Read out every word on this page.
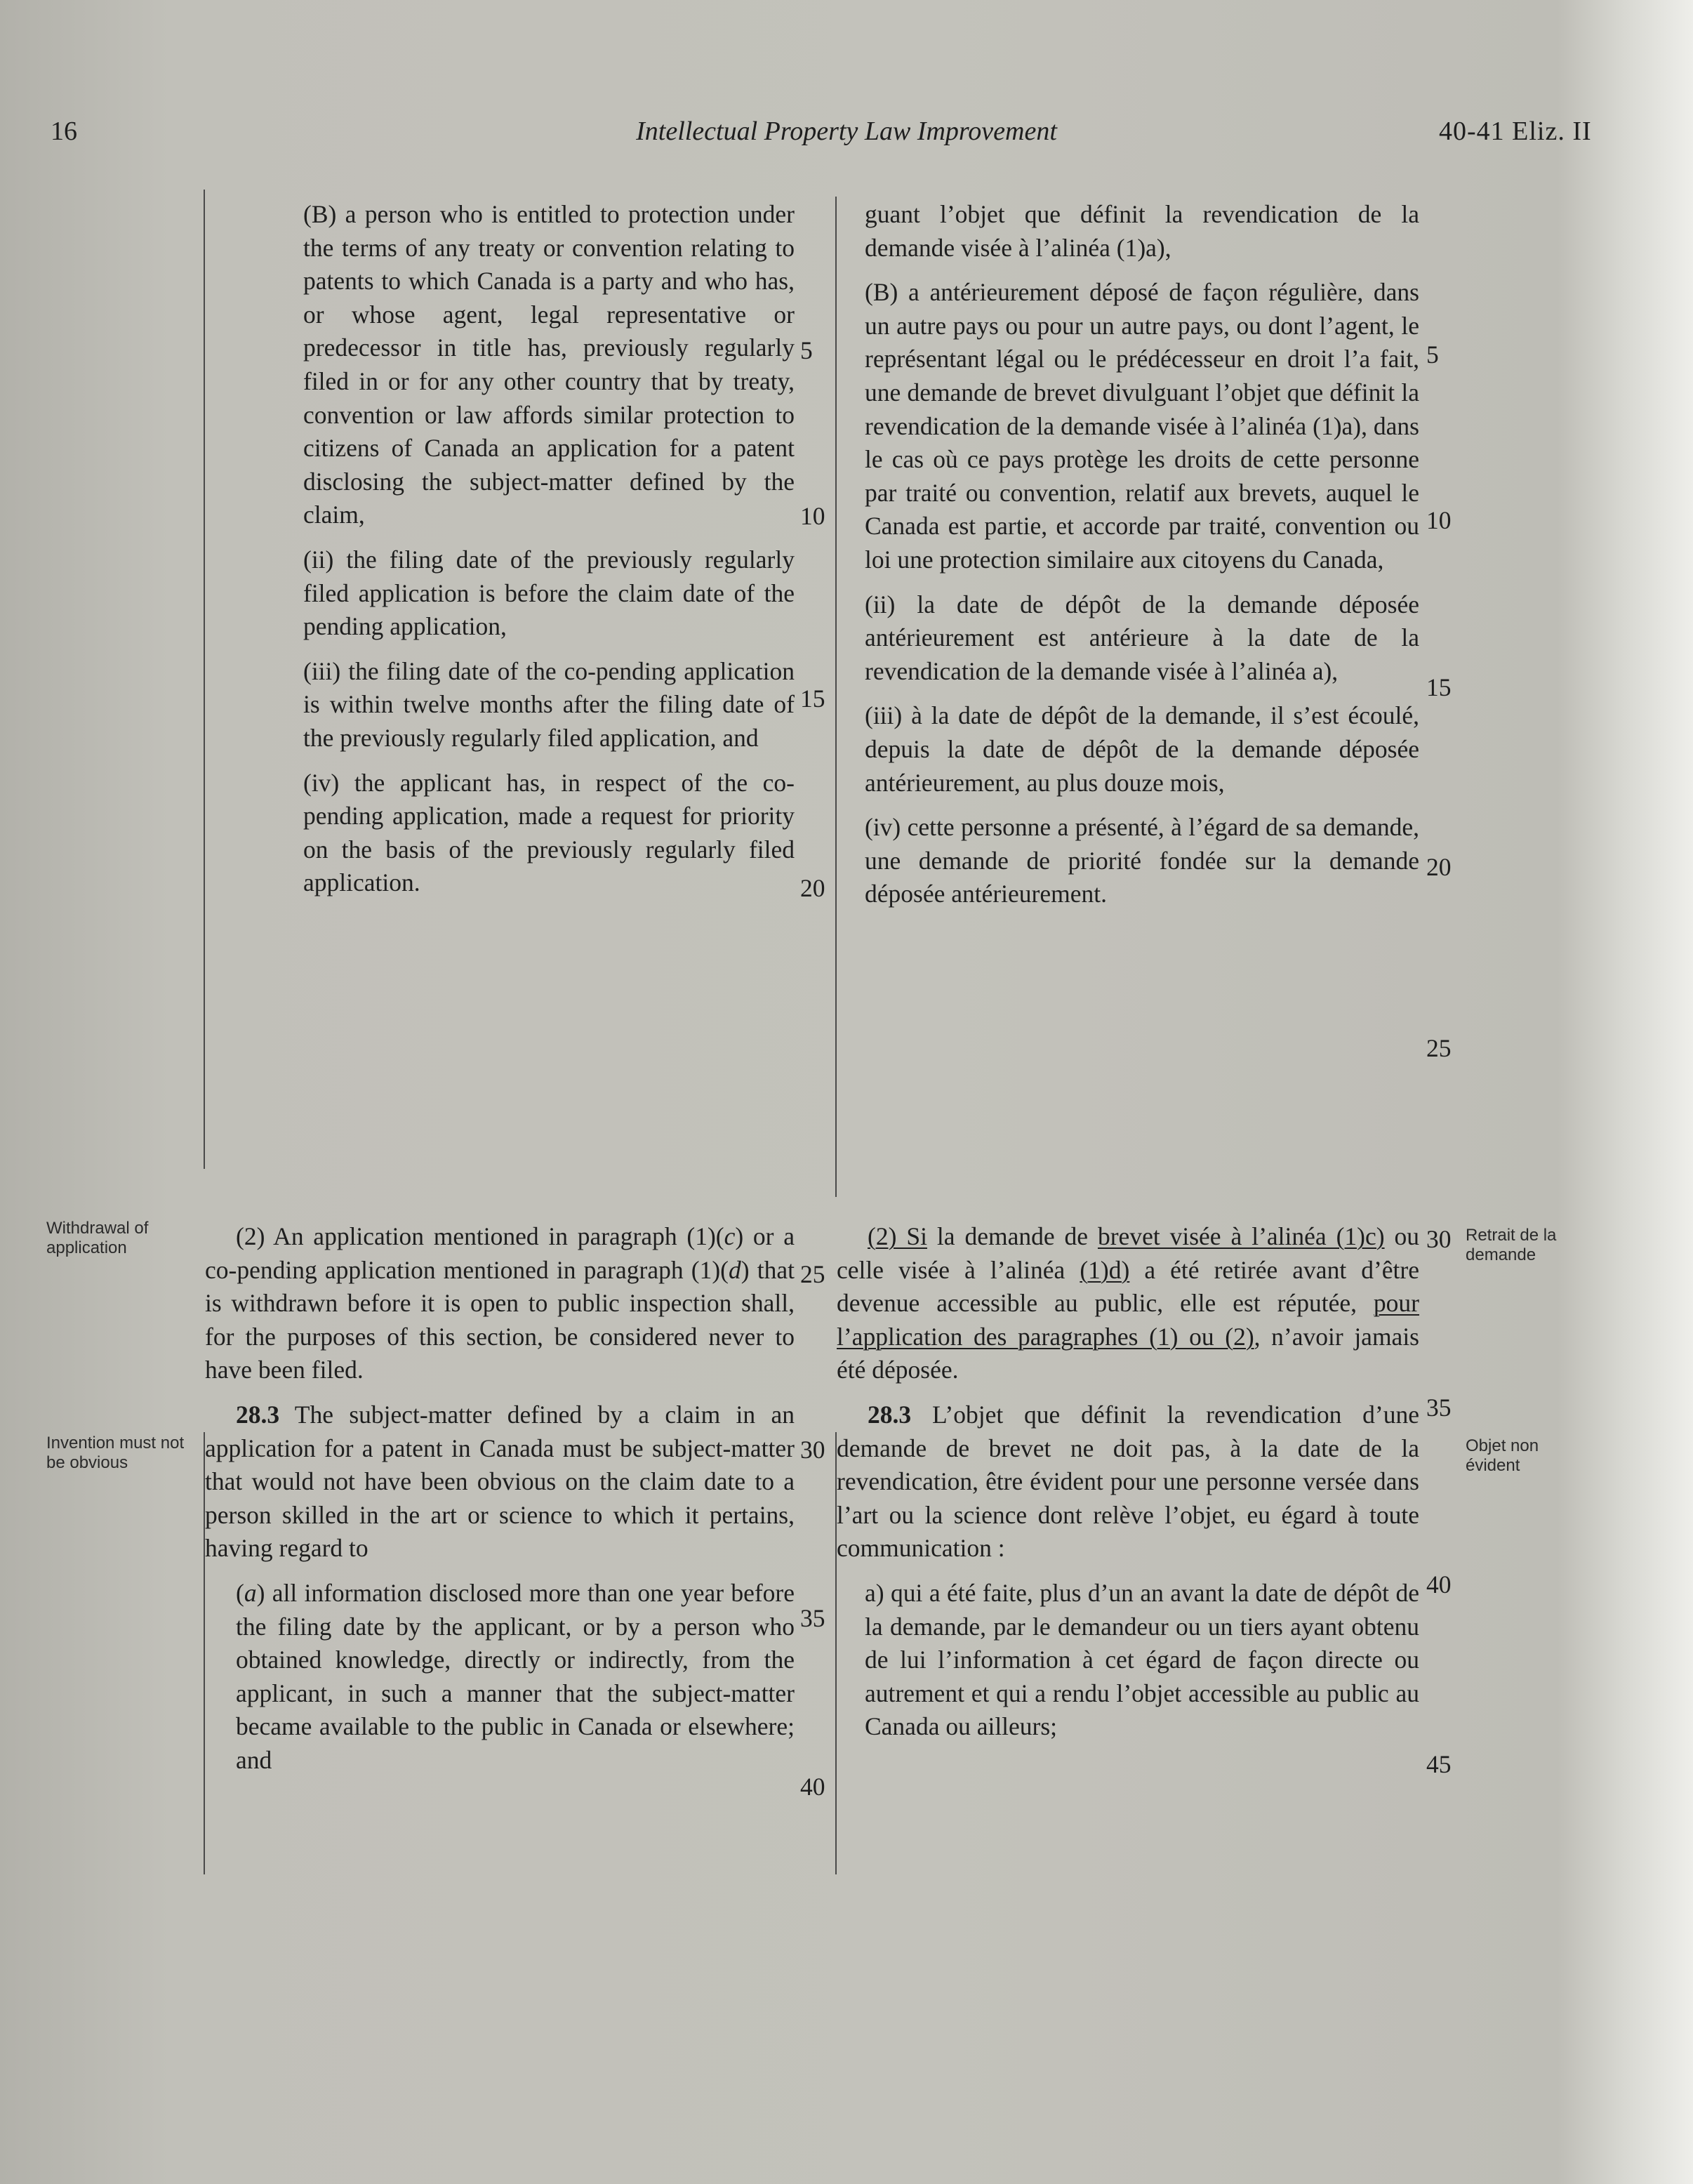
16	Intellectual Property Law Improvement	40-41 Eliz. II

(B) a person who is entitled to protection under the terms of any treaty or convention relating to patents to which Canada is a party and who has, or whose agent, legal representative or predecessor in title has, previously regularly filed in or for any other country that by treaty, convention or law affords similar protection to citizens of Canada an application for a patent disclosing the subject-matter defined by the claim,

(ii) the filing date of the previously regularly filed application is before the claim date of the pending application,

(iii) the filing date of the co-pending application is within twelve months after the filing date of the previously regularly filed application, and

(iv) the applicant has, in respect of the co-pending application, made a request for priority on the basis of the previously regularly filed application.

guant l’objet que définit la revendication de la demande visée à l’alinéa (1)a),

(B) a antérieurement déposé de façon régulière, dans un autre pays ou pour un autre pays, ou dont l’agent, le représentant légal ou le prédécesseur en droit l’a fait, une demande de brevet divulguant l’objet que définit la revendication de la demande visée à l’alinéa (1)a), dans le cas où ce pays protège les droits de cette personne par traité ou convention, relatif aux brevets, auquel le Canada est partie, et accorde par traité, convention ou loi une protection similaire aux citoyens du Canada,

(ii) la date de dépôt de la demande déposée antérieurement est antérieure à la date de la revendication de la demande visée à l’alinéa a),

(iii) à la date de dépôt de la demande, il s’est écoulé, depuis la date de dépôt de la demande déposée antérieurement, au plus douze mois,

(iv) cette personne a présenté, à l’égard de sa demande, une demande de priorité fondée sur la demande déposée antérieurement.

(2) An application mentioned in paragraph (1)(c) or a co-pending application mentioned in paragraph (1)(d) that is withdrawn before it is open to public inspection shall, for the purposes of this section, be considered never to have been filed.

28.3 The subject-matter defined by a claim in an application for a patent in Canada must be subject-matter that would not have been obvious on the claim date to a person skilled in the art or science to which it pertains, having regard to

(a) all information disclosed more than one year before the filing date by the applicant, or by a person who obtained knowledge, directly or indirectly, from the applicant, in such a manner that the subject-matter became available to the public in Canada or elsewhere; and

(2) Si la demande de brevet visée à l’alinéa (1)c) ou celle visée à l’alinéa (1)d) a été retirée avant d’être devenue accessible au public, elle est réputée, pour l’application des paragraphes (1) ou (2), n’avoir jamais été déposée.

28.3 L’objet que définit la revendication d’une demande de brevet ne doit pas, à la date de la revendication, être évident pour une personne versée dans l’art ou la science dont relève l’objet, eu égard à toute communication :

a) qui a été faite, plus d’un an avant la date de dépôt de la demande, par le demandeur ou un tiers ayant obtenu de lui l’information à cet égard de façon directe ou autrement et qui a rendu l’objet accessible au public au Canada ou ailleurs;

5
10
15
20
25
30
35
40
5
10
15
20
25
30
35
40
45
Withdrawal of application
Invention must not be obvious
Retrait de la demande
Objet non évident
